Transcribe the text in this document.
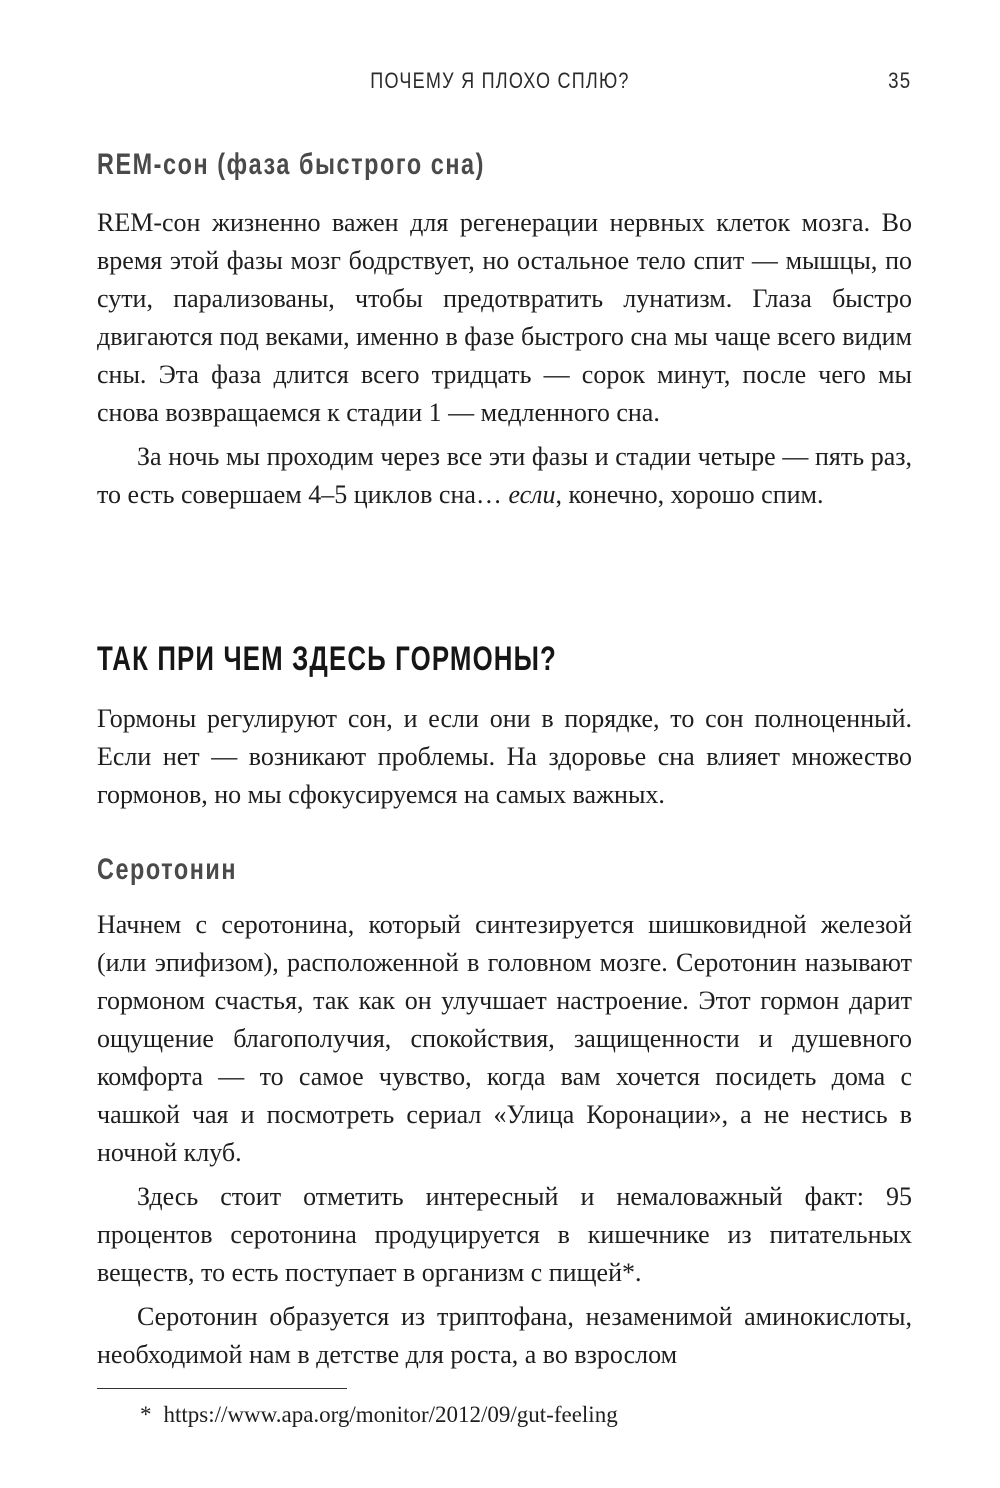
ПОЧЕМУ Я ПЛОХО СПЛЮ?	35
REM-сон (фаза быстрого сна)

REM-сон жизненно важен для регенерации нервных клеток мозга. Во время этой фазы мозг бодрствует, но остальное тело спит — мышцы, по сути, парализованы, чтобы предотвратить лунатизм. Глаза быстро двигаются под веками, именно в фазе быстрого сна мы чаще всего видим сны. Эта фаза длится всего тридцать — сорок минут, после чего мы снова возвращаемся к стадии 1 — медленного сна.

За ночь мы проходим через все эти фазы и стадии четыре — пять раз, то есть совершаем 4–5 циклов сна… если, конечно, хорошо спим.

ТАК ПРИ ЧЕМ ЗДЕСЬ ГОРМОНЫ?

Гормоны регулируют сон, и если они в порядке, то сон полноценный. Если нет — возникают проблемы. На здоровье сна влияет множество гормонов, но мы сфокусируемся на самых важных.

Серотонин

Начнем с серотонина, который синтезируется шишковидной железой (или эпифизом), расположенной в головном мозге. Серотонин называют гормоном счастья, так как он улучшает настроение. Этот гормон дарит ощущение благополучия, спокойствия, защищенности и душевного комфорта — то самое чувство, когда вам хочется посидеть дома с чашкой чая и посмотреть сериал «Улица Коронации», а не нестись в ночной клуб.

Здесь стоит отметить интересный и немаловажный факт: 95 процентов серотонина продуцируется в кишечнике из питательных веществ, то есть поступает в организм с пищей*.

Серотонин образуется из триптофана, незаменимой аминокислоты, необходимой нам в детстве для роста, а во взрослом

* https://www.apa.org/monitor/2012/09/gut-feeling
